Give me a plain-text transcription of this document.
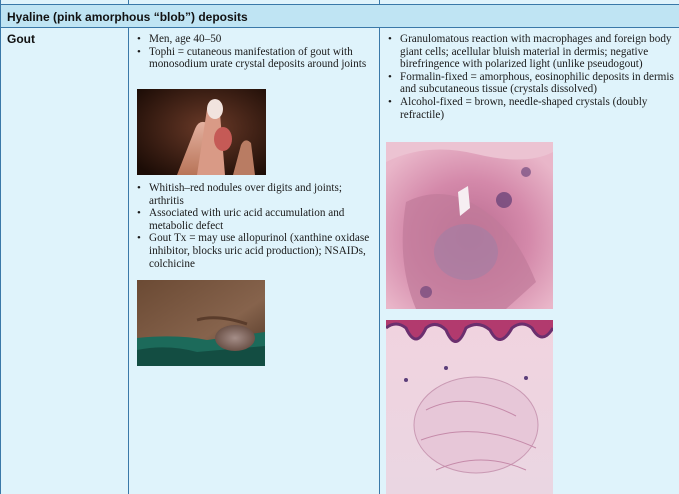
Hyaline (pink amorphous “blob”) deposits
Gout
•	Men, age 40–50
• Tophi = cutaneous manifestation of gout with monosodium urate crystal deposits around joints
• Whitish–red nodules over digits and joints; arthritis
• Associated with uric acid accumulation and metabolic defect
• Gout Tx = may use allopurinol (xanthine oxidase inhibitor, blocks uric acid production); NSAIDs, colchicine
• Granulomatous reaction with macrophages and foreign body giant cells; acellular bluish material in dermis; negative birefringence with polarized light (unlike pseudogout)
• Formalin-fixed = amorphous, eosinophilic deposits in dermis and subcutaneous tissue (crystals dissolved)
• Alcohol-fixed = brown, needle-shaped crystals (doubly refractile)
